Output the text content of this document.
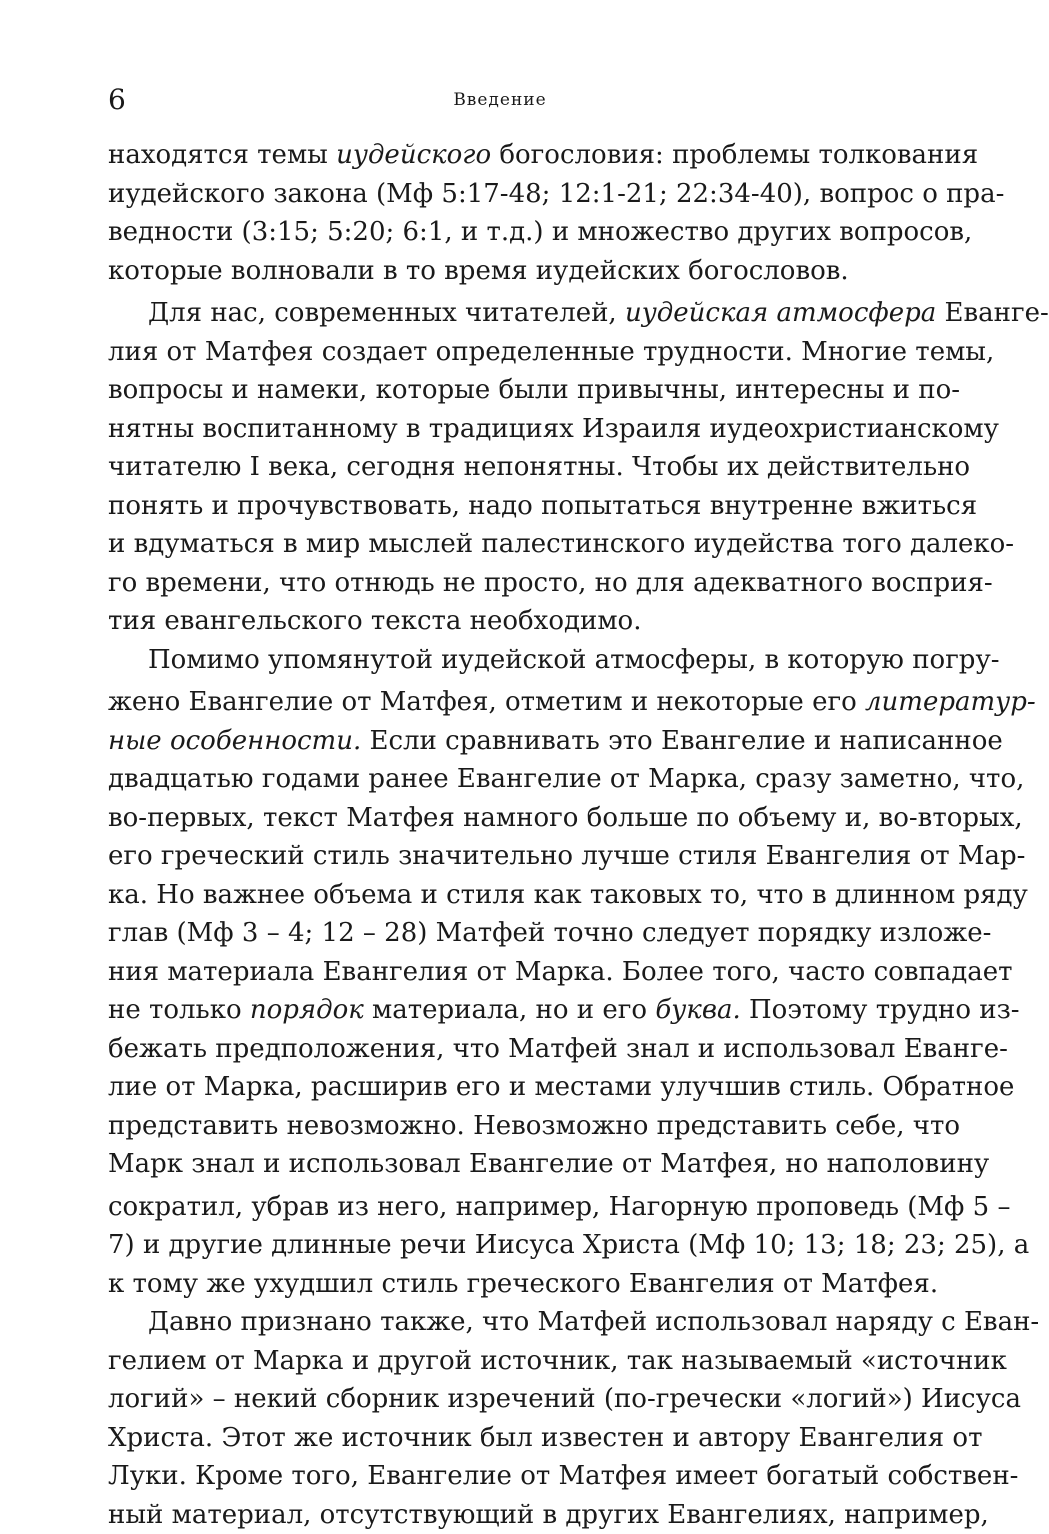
6	Введение
находятся темы иудейского богословия: проблемы толкования
иудейского закона (Мф 5:17-48; 12:1-21; 22:34-40), вопрос о пра-
ведности (3:15; 5:20; 6:1, и т.д.) и множество других вопросов,
которые волновали в то время иудейских богословов.
Для нас, современных читателей, иудейская атмосфера Еванге-
лия от Матфея создает определенные трудности. Многие темы,
вопросы и намеки, которые были привычны, интересны и по-
нятны воспитанному в традициях Израиля иудеохристианскому
читателю I века, сегодня непонятны. Чтобы их действительно
понять и прочувствовать, надо попытаться внутренне вжиться
и вдуматься в мир мыслей палестинского иудейства того далеко-
го времени, что отнюдь не просто, но для адекватного восприя-
тия евангельского текста необходимо.
Помимо упомянутой иудейской атмосферы, в которую погру-
жено Евангелие от Матфея, отметим и некоторые его литератур-
ные особенности. Если сравнивать это Евангелие и написанное
двадцатью годами ранее Евангелие от Марка, сразу заметно, что,
во-первых, текст Матфея намного больше по объему и, во-вторых,
его греческий стиль значительно лучше стиля Евангелия от Мар-
ка. Но важнее объема и стиля как таковых то, что в длинном ряду
глав (Мф 3 – 4; 12 – 28) Матфей точно следует порядку изложе-
ния материала Евангелия от Марка. Более того, часто совпадает
не только порядок материала, но и его буква. Поэтому трудно из-
бежать предположения, что Матфей знал и использовал Еванге-
лие от Марка, расширив его и местами улучшив стиль. Обратное
представить невозможно. Невозможно представить себе, что
Марк знал и использовал Евангелие от Матфея, но наполовину
сократил, убрав из него, например, Нагорную проповедь (Мф 5 –
7) и другие длинные речи Иисуса Христа (Мф 10; 13; 18; 23; 25), а
к тому же ухудшил стиль греческого Евангелия от Матфея.
Давно признано также, что Матфей использовал наряду с Еван-
гелием от Марка и другой источник, так называемый «источник
логий» – некий сборник изречений (по-гречески «логий») Иисуса
Христа. Этот же источник был известен и автору Евангелия от
Луки. Кроме того, Евангелие от Матфея имеет богатый собствен-
ный материал, отсутствующий в других Евангелиях, например,
